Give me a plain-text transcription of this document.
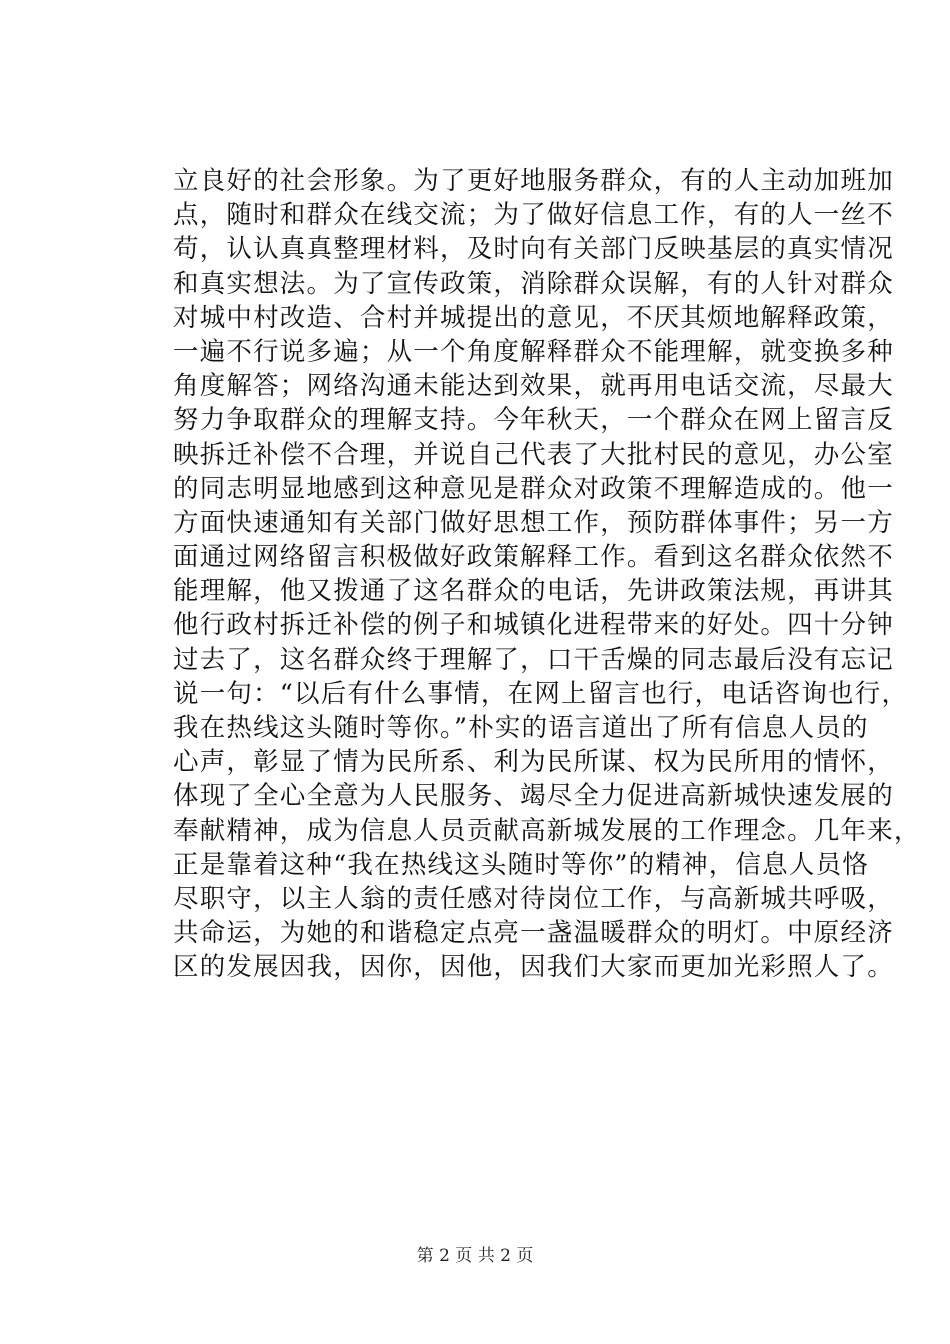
立良好的社会形象。为了更好地服务群众，有的人主动加班加
点，随时和群众在线交流；为了做好信息工作，有的人一丝不
苟，认认真真整理材料，及时向有关部门反映基层的真实情况
和真实想法。为了宣传政策，消除群众误解，有的人针对群众
对城中村改造、合村并城提出的意见，不厌其烦地解释政策，
一遍不行说多遍；从一个角度解释群众不能理解，就变换多种
角度解答；网络沟通未能达到效果，就再用电话交流，尽最大
努力争取群众的理解支持。今年秋天，一个群众在网上留言反
映拆迁补偿不合理，并说自己代表了大批村民的意见，办公室
的同志明显地感到这种意见是群众对政策不理解造成的。他一
方面快速通知有关部门做好思想工作，预防群体事件；另一方
面通过网络留言积极做好政策解释工作。看到这名群众依然不
能理解，他又拨通了这名群众的电话，先讲政策法规，再讲其
他行政村拆迁补偿的例子和城镇化进程带来的好处。四十分钟
过去了，这名群众终于理解了，口干舌燥的同志最后没有忘记
说一句：“以后有什么事情，在网上留言也行，电话咨询也行，
我在热线这头随时等你。”朴实的语言道出了所有信息人员的
心声，彰显了情为民所系、利为民所谋、权为民所用的情怀，
体现了全心全意为人民服务、竭尽全力促进高新城快速发展的
奉献精神，成为信息人员贡献高新城发展的工作理念。几年来，
正是靠着这种“我在热线这头随时等你”的精神，信息人员恪
尽职守，以主人翁的责任感对待岗位工作，与高新城共呼吸，
共命运，为她的和谐稳定点亮一盏温暖群众的明灯。中原经济
区的发展因我，因你，因他，因我们大家而更加光彩照人了。
第 2 页 共 2 页
